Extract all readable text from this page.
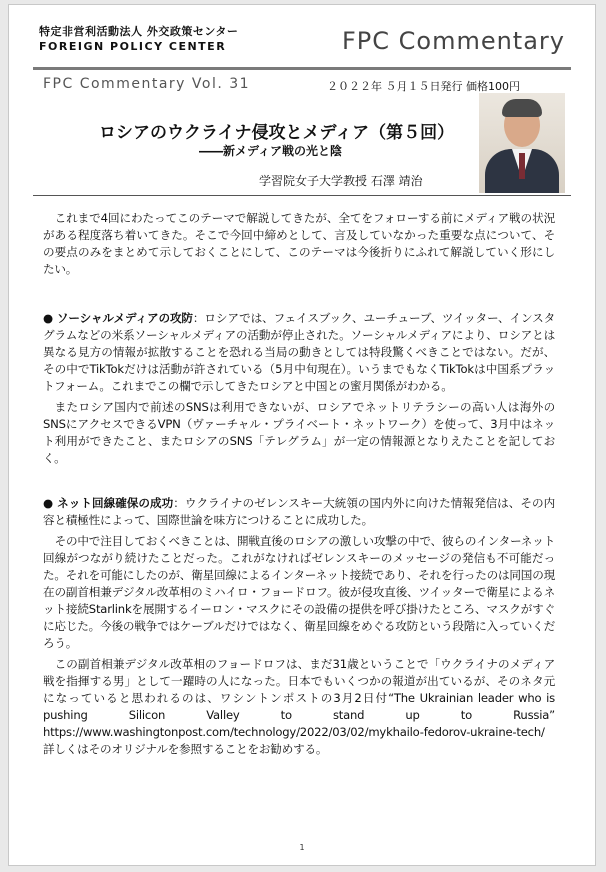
特定非営利活動法人 外交政策センター
FOREIGN POLICY CENTER	FPC Commentary
FPC Commentary Vol. 31	２０２２年 ５月１５日発行 価格100円
ロシアのウクライナ侵攻とメディア（第５回）
――新メディア戦の光と陰
学習院女子大学教授 石澤 靖治

これまで4回にわたってこのテーマで解説してきたが、全てをフォローする前にメディア戦の状況がある程度落ち着いてきた。そこで今回中締めとして、言及していなかった重要な点について、その要点のみをまとめて示しておくことにして、このテーマは今後折りにふれて解説していく形にしたい。

● ソーシャルメディアの攻防：ロシアでは、フェイスブック、ユーチューブ、ツイッター、インスタグラムなどの米系ソーシャルメディアの活動が停止された。ソーシャルメディアにより、ロシアとは異なる見方の情報が拡散することを恐れる当局の動きとしては特段驚くべきことではない。だが、その中でTikTokだけは活動が許されている（5月中旬現在）。いうまでもなくTikTokは中国系プラットフォーム。これまでこの欄で示してきたロシアと中国との蜜月関係がわかる。

またロシア国内で前述のSNSは利用できないが、ロシアでネットリテラシーの高い人は海外のSNSにアクセスできるVPN（ヴァーチャル・プライベート・ネットワーク）を使って、3月中はネット利用ができたこと、またロシアのSNS「テレグラム」が一定の情報源となりえたことを記しておく。

● ネット回線確保の成功：ウクライナのゼレンスキー大統領の国内外に向けた情報発信は、その内容と積極性によって、国際世論を味方につけることに成功した。

その中で注目しておくべきことは、開戦直後のロシアの激しい攻撃の中で、彼らのインターネット回線がつながり続けたことだった。これがなければゼレンスキーのメッセージの発信も不可能だった。それを可能にしたのが、衛星回線によるインターネット接続であり、それを行ったのは同国の現在の副首相兼デジタル改革相のミハイロ・フョードロフ。彼が侵攻直後、ツイッターで衛星によるネット接続Starlinkを展開するイーロン・マスクにその設備の提供を呼び掛けたところ、マスクがすぐに応じた。今後の戦争ではケーブルだけではなく、衛星回線をめぐる攻防という段階に入っていくだろう。

この副首相兼デジタル改革相のフョードロフは、まだ31歳ということで「ウクライナのメディア戦を指揮する男」として一躍時の人になった。日本でもいくつかの報道が出ているが、そのネタ元になっていると思われるのは、ワシントンポストの3月2日付“The Ukrainian leader who is pushing Silicon Valley to stand up to Russia” https://www.washingtonpost.com/technology/2022/03/02/mykhailo-fedorov-ukraine-tech/ 詳しくはそのオリジナルを参照することをお勧めする。

1
